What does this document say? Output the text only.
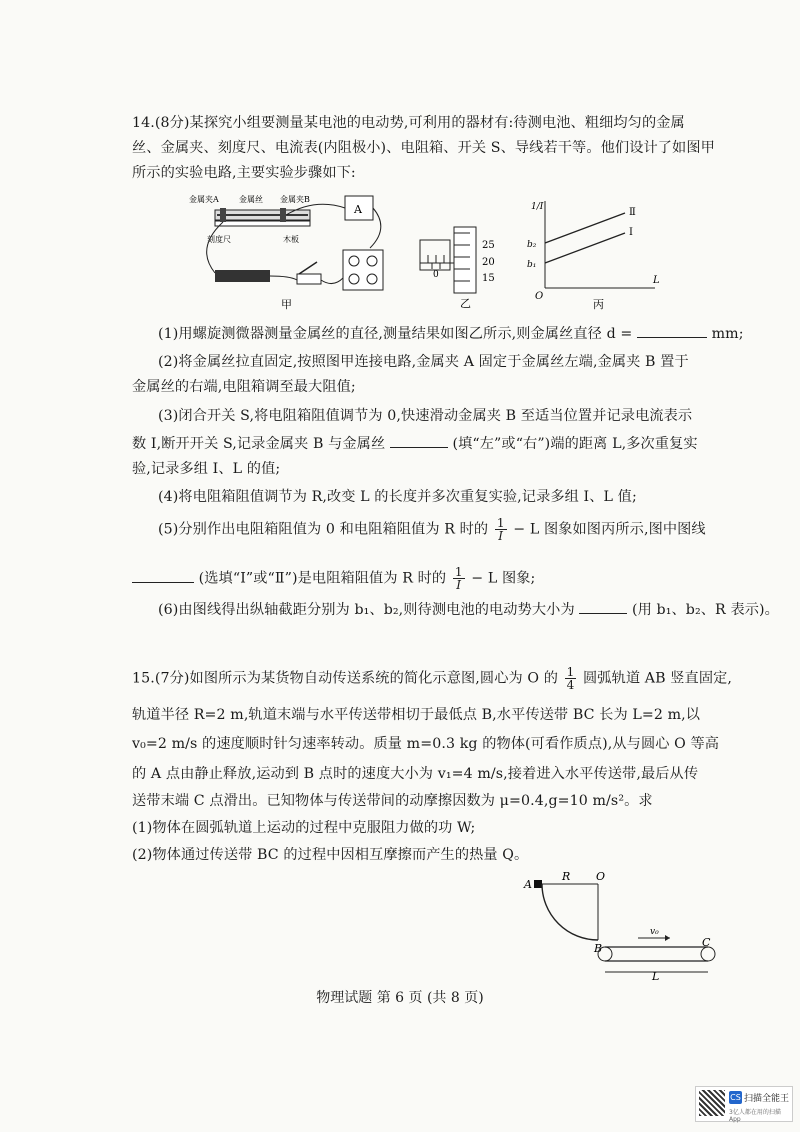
14.(8分)某探究小组要测量某电池的电动势,可利用的器材有:待测电池、粗细均匀的金属
丝、金属夹、刻度尺、电流表(内阻极小)、电阻箱、开关 S、导线若干等。他们设计了如图甲
所示的实验电路,主要实验步骤如下:
金属夹A	金属丝 金属夹B
刻度尺	木板
A
甲
0
25
20
15
乙
1/I
L
O
b₂
b₁
Ⅱ
Ⅰ
丙
(1)用螺旋测微器测量金属丝的直径,测量结果如图乙所示,则金属丝直径 d =	mm;
(2)将金属丝拉直固定,按照图甲连接电路,金属夹 A 固定于金属丝左端,金属夹 B 置于
金属丝的右端,电阻箱调至最大阻值;
(3)闭合开关 S,将电阻箱阻值调节为 0,快速滑动金属夹 B 至适当位置并记录电流表示
数 I,断开开关 S,记录金属夹 B 与金属丝	(填“左”或“右”)端的距离 L,多次重复实
验,记录多组 I、L 的值;
(4)将电阻箱阻值调节为 R,改变 L 的长度并多次重复实验,记录多组 I、L 值;
(5)分别作出电阻箱阻值为 0 和电阻箱阻值为 R 时的 $\frac{1}{I} - L$ 图象如图丙所示,图中图线
(选填“Ⅰ”或“Ⅱ”)是电阻箱阻值为 R 时的 $\frac{1}{I} - L$ 图象;
(6)由图线得出纵轴截距分别为 b₁、b₂,则待测电池的电动势大小为	(用 b₁、b₂、R 表示)。
15.(7分)如图所示为某货物自动传送系统的简化示意图,圆心为 O 的 $\frac{1}{4}$ 圆弧轨道 AB 竖直固定,
轨道半径 R=2 m,轨道末端与水平传送带相切于最低点 B,水平传送带 BC 长为 L=2 m,以
v₀=2 m/s 的速度顺时针匀速率转动。质量 m=0.3 kg 的物体(可看作质点),从与圆心 O 等高
的 A 点由静止释放,运动到 B 点时的速度大小为 v₁=4 m/s,接着进入水平传送带,最后从传
送带末端 C 点滑出。已知物体与传送带间的动摩擦因数为 μ=0.4,g=10 m/s²。求
(1)物体在圆弧轨道上运动的过程中克服阻力做的功 W;
(2)物体通过传送带 BC 的过程中因相互摩擦而产生的热量 Q。
A
R O
B	C
v₀
L
物理试题 第 6 页 (共 8 页)
CS 扫描全能王
3亿人都在用的扫描App
